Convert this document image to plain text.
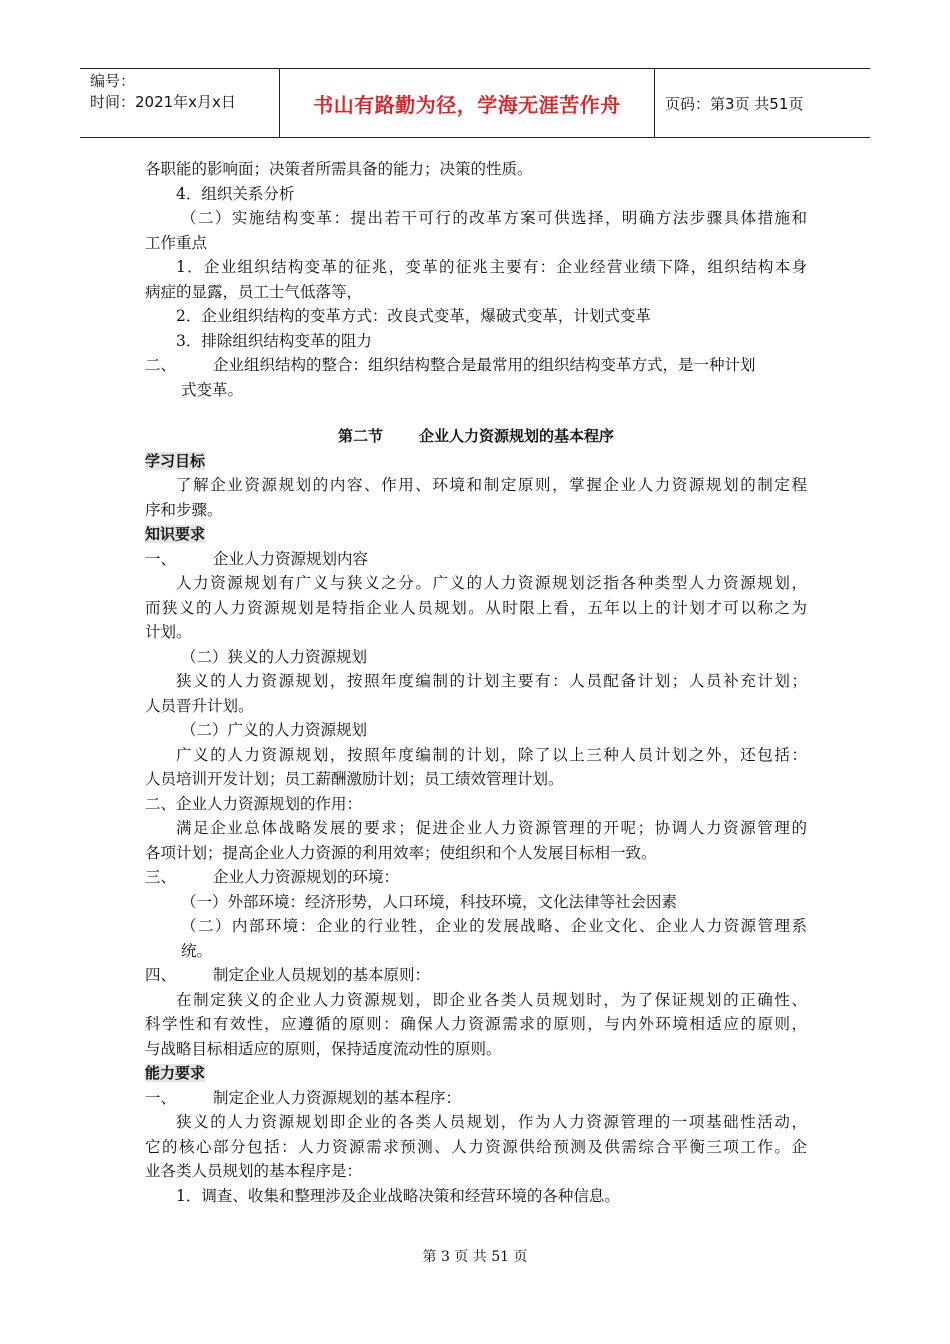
编号：
时间：2021年x月x日	书山有路勤为径，学海无涯苦作舟	页码：第3页 共51页
各职能的影响面；决策者所需具备的能力；决策的性质。
4．组织关系分析
（二）实施结构变革：提出若干可行的改革方案可供选择，明确方法步骤具体措施和
工作重点
1．企业组织结构变革的征兆，变革的征兆主要有：企业经营业绩下降，组织结构本身
病症的显露，员工士气低落等，
2．企业组织结构的变革方式：改良式变革，爆破式变革，计划式变革
3．排除组织结构变革的阻力
二、 企业组织结构的整合：组织结构整合是最常用的组织结构变革方式，是一种计划
式变革。
第二节 企业人力资源规划的基本程序
学习目标
了解企业资源规划的内容、作用、环境和制定原则，掌握企业人力资源规划的制定程
序和步骤。
知识要求
一、 企业人力资源规划内容
人力资源规划有广义与狭义之分。广义的人力资源规划泛指各种类型人力资源规划，
而狭义的人力资源规划是特指企业人员规划。从时限上看，五年以上的计划才可以称之为
计划。
（二）狭义的人力资源规划
狭义的人力资源规划，按照年度编制的计划主要有：人员配备计划；人员补充计划；
人员晋升计划。
（二）广义的人力资源规划
广义的人力资源规划，按照年度编制的计划，除了以上三种人员计划之外，还包括：
人员培训开发计划；员工薪酬激励计划；员工绩效管理计划。
二、企业人力资源规划的作用：
满足企业总体战略发展的要求；促进企业人力资源管理的开呢；协调人力资源管理的
各项计划；提高企业人力资源的利用效率；使组织和个人发展目标相一致。
三、 企业人力资源规划的环境：
（一）外部环境：经济形势，人口环境，科技环境，文化法律等社会因素
（二）内部环境：企业的行业牲，企业的发展战略、企业文化、企业人力资源管理系
统。
四、 制定企业人员规划的基本原则：
在制定狭义的企业人力资源规划，即企业各类人员规划时，为了保证规划的正确性、
科学性和有效性，应遵循的原则：确保人力资源需求的原则，与内外环境相适应的原则，
与战略目标相适应的原则，保持适度流动性的原则。
能力要求
一、 制定企业人力资源规划的基本程序：
狭义的人力资源规划即企业的各类人员规划，作为人力资源管理的一项基础性活动，
它的核心部分包括：人力资源需求预测、人力资源供给预测及供需综合平衡三项工作。企
业各类人员规划的基本程序是：
1．调查、收集和整理涉及企业战略决策和经营环境的各种信息。
第 3 页 共 51 页
